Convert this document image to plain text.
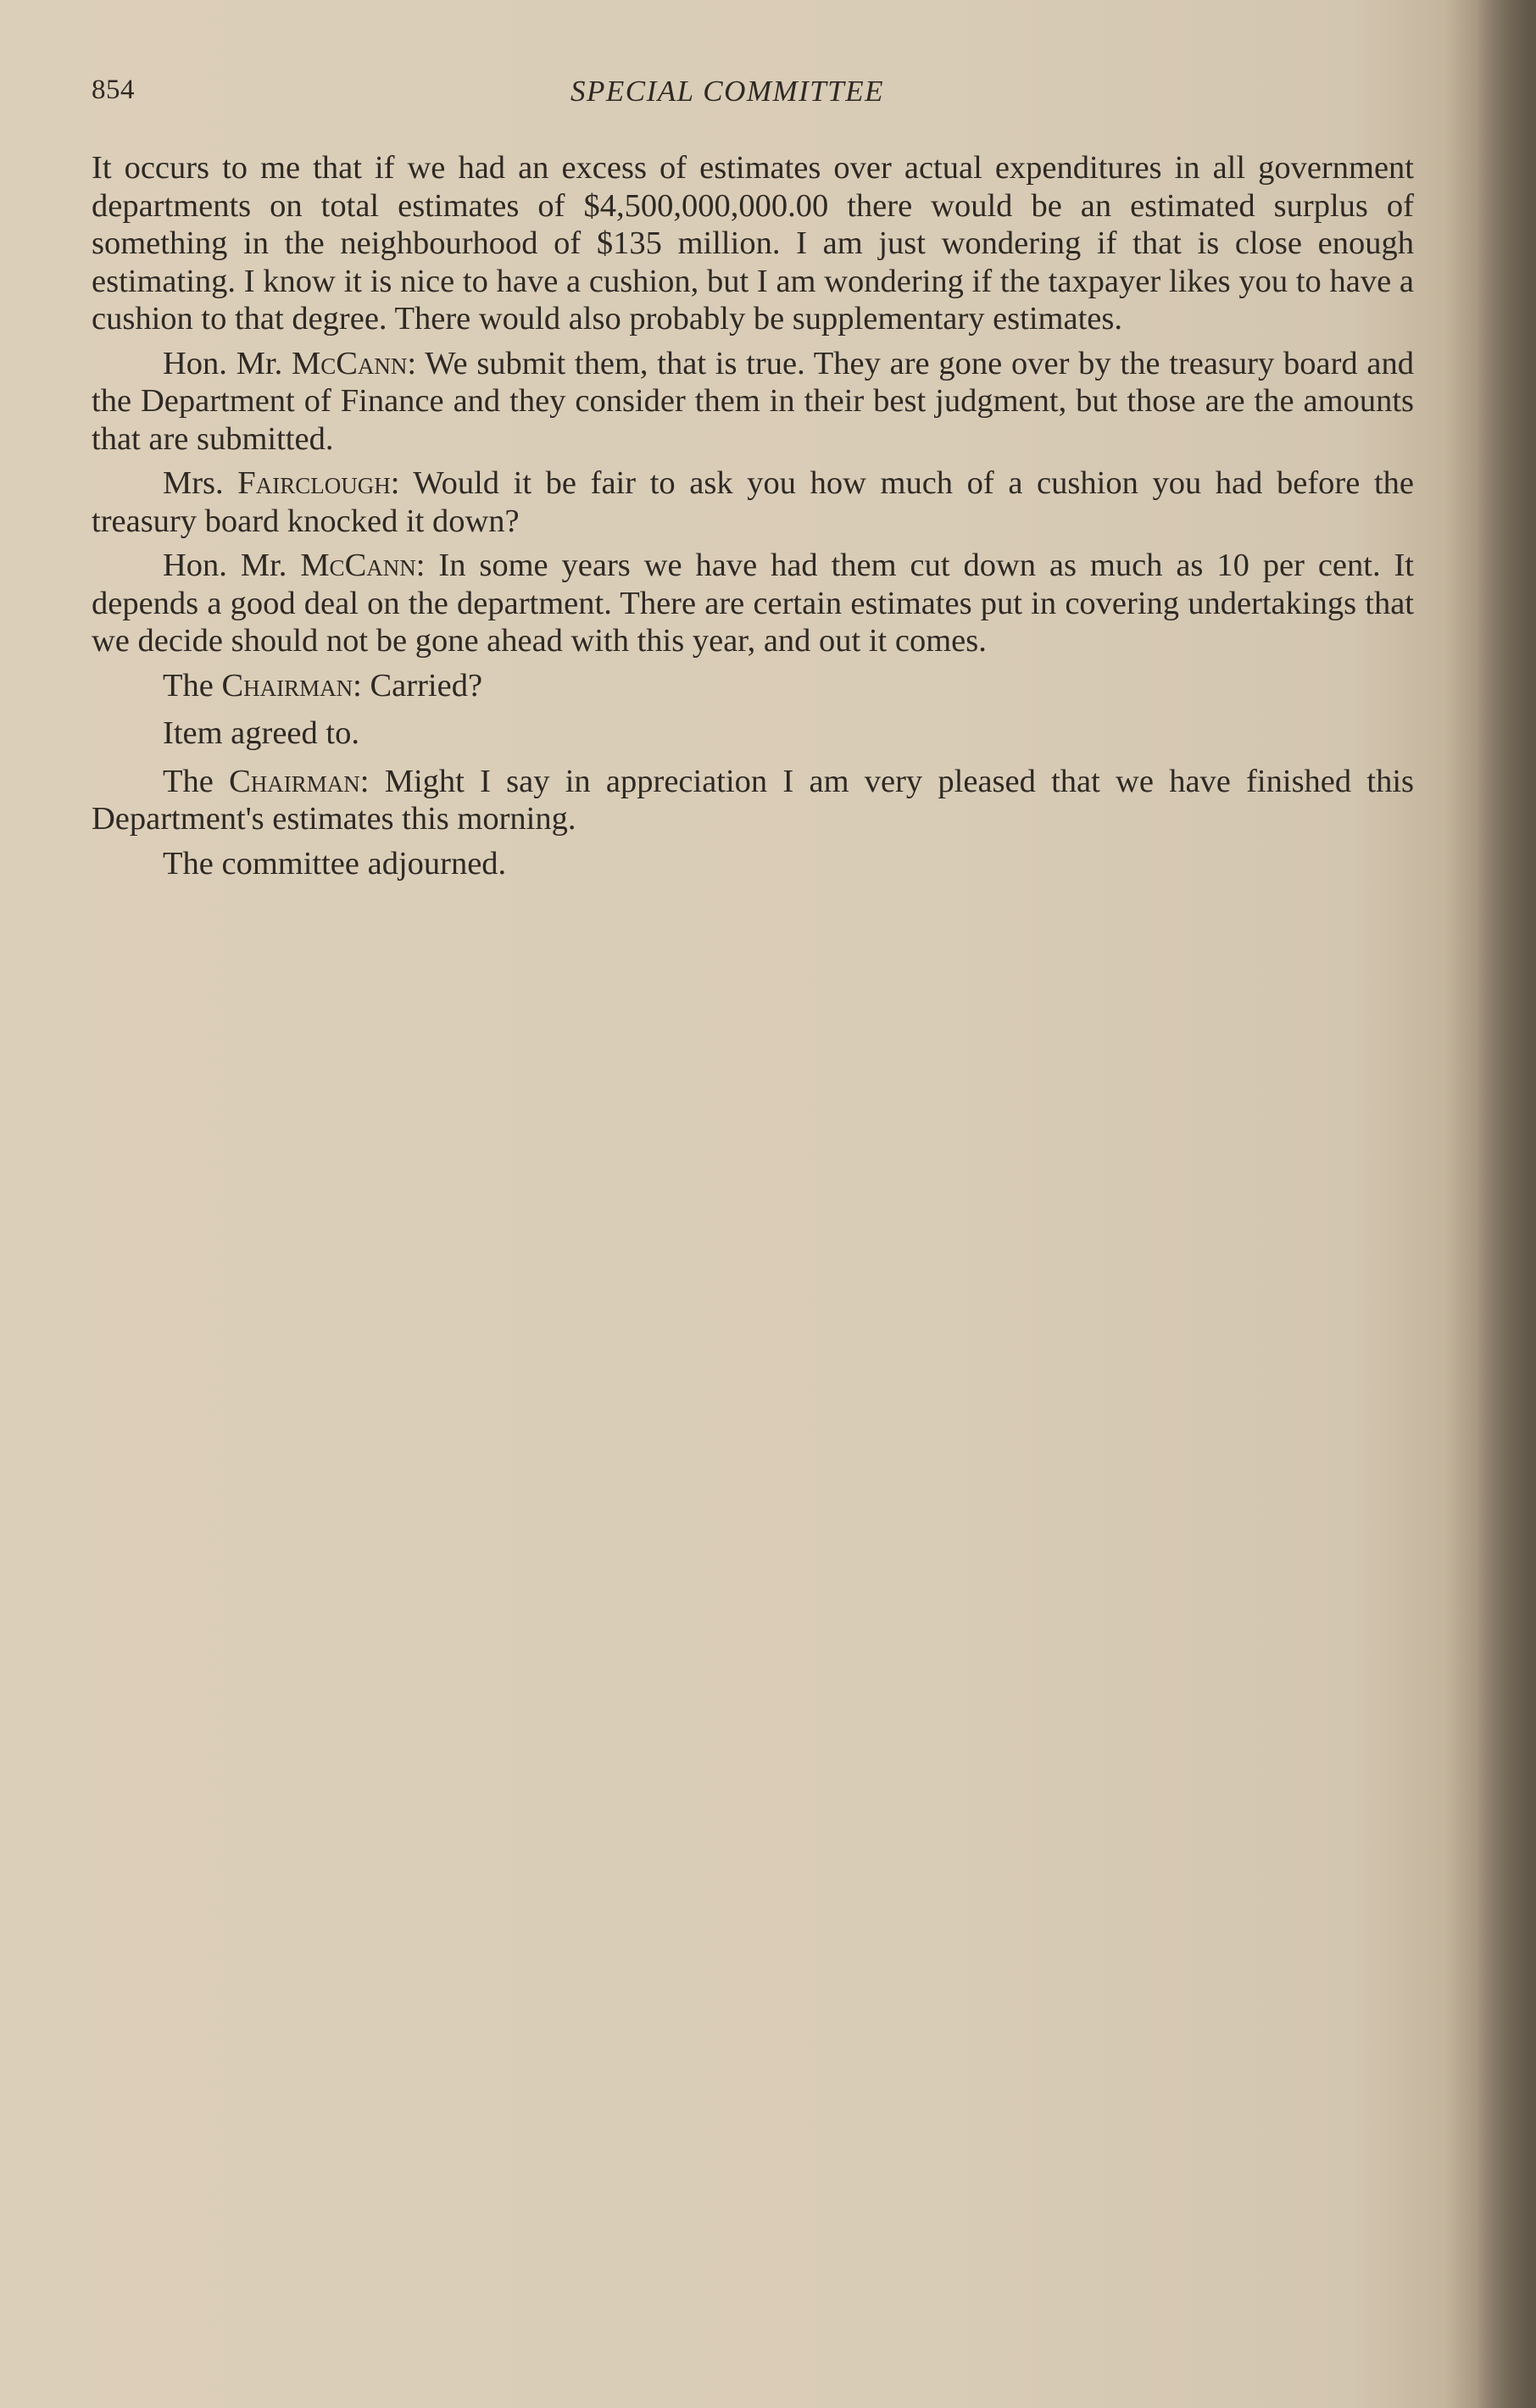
854	SPECIAL COMMITTEE

It occurs to me that if we had an excess of estimates over actual expenditures in all government departments on total estimates of $4,500,000,000.00 there would be an estimated surplus of something in the neighbourhood of $135 million. I am just wondering if that is close enough estimating. I know it is nice to have a cushion, but I am wondering if the taxpayer likes you to have a cushion to that degree. There would also probably be supplementary estimates.

Hon. Mr. McCann: We submit them, that is true. They are gone over by the treasury board and the Department of Finance and they consider them in their best judgment, but those are the amounts that are submitted.

Mrs. Fairclough: Would it be fair to ask you how much of a cushion you had before the treasury board knocked it down?

Hon. Mr. McCann: In some years we have had them cut down as much as 10 per cent. It depends a good deal on the department. There are certain estimates put in covering undertakings that we decide should not be gone ahead with this year, and out it comes.

The Chairman: Carried?

Item agreed to.

The Chairman: Might I say in appreciation I am very pleased that we have finished this Department's estimates this morning.

The committee adjourned.
